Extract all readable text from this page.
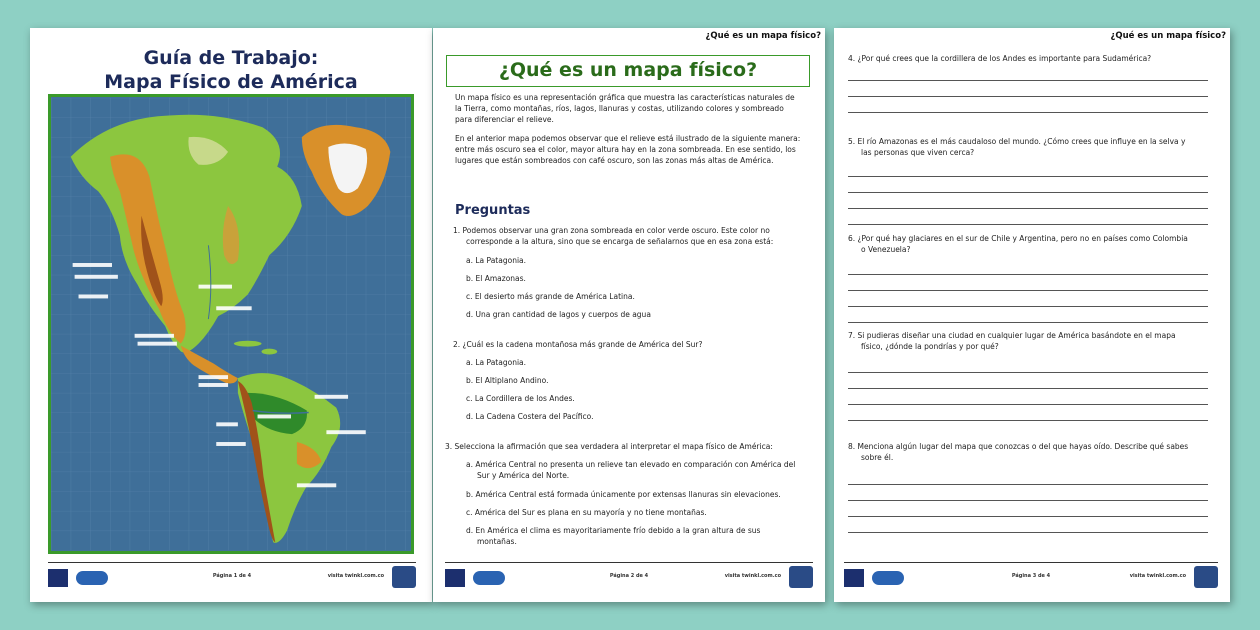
Guía de Trabajo:
Mapa Físico de América
Página 1 de 4	visita twinkl.com.co
¿Qué es un mapa físico?
¿Qué es un mapa físico?
Un mapa físico es una representación gráfica que muestra las características naturales de
la Tierra, como montañas, ríos, lagos, llanuras y costas, utilizando colores y sombreado
para diferenciar el relieve.
En el anterior mapa podemos observar que el relieve está ilustrado de la siguiente manera:
entre más oscuro sea el color, mayor altura hay en la zona sombreada. En ese sentido, los
lugares que están sombreados con café oscuro, son las zonas más altas de América.
Preguntas
1. Podemos observar una gran zona sombreada en color verde oscuro. Este color no
corresponde a la altura, sino que se encarga de señalarnos que en esa zona está:
a. La Patagonia.
b. El Amazonas.
c. El desierto más grande de América Latina.
d. Una gran cantidad de lagos y cuerpos de agua
2. ¿Cuál es la cadena montañosa más grande de América del Sur?
a. La Patagonia.
b. El Altiplano Andino.
c. La Cordillera de los Andes.
d. La Cadena Costera del Pacífico.
3. Selecciona la afirmación que sea verdadera al interpretar el mapa físico de América:
a. América Central no presenta un relieve tan elevado en comparación con América del
Sur y América del Norte.
b. América Central está formada únicamente por extensas llanuras sin elevaciones.
c. América del Sur es plana en su mayoría y no tiene montañas.
d. En América el clima es mayoritariamente frío debido a la gran altura de sus
montañas.
Página 2 de 4	visita twinkl.com.co
¿Qué es un mapa físico?
4. ¿Por qué crees que la cordillera de los Andes es importante para Sudamérica?
5. El río Amazonas es el más caudaloso del mundo. ¿Cómo crees que influye en la selva y
las personas que viven cerca?
6. ¿Por qué hay glaciares en el sur de Chile y Argentina, pero no en países como Colombia
o Venezuela?
7. Si pudieras diseñar una ciudad en cualquier lugar de América basándote en el mapa
físico, ¿dónde la pondrías y por qué?
8. Menciona algún lugar del mapa que conozcas o del que hayas oído. Describe qué sabes
sobre él.
Página 3 de 4	visita twinkl.com.co
